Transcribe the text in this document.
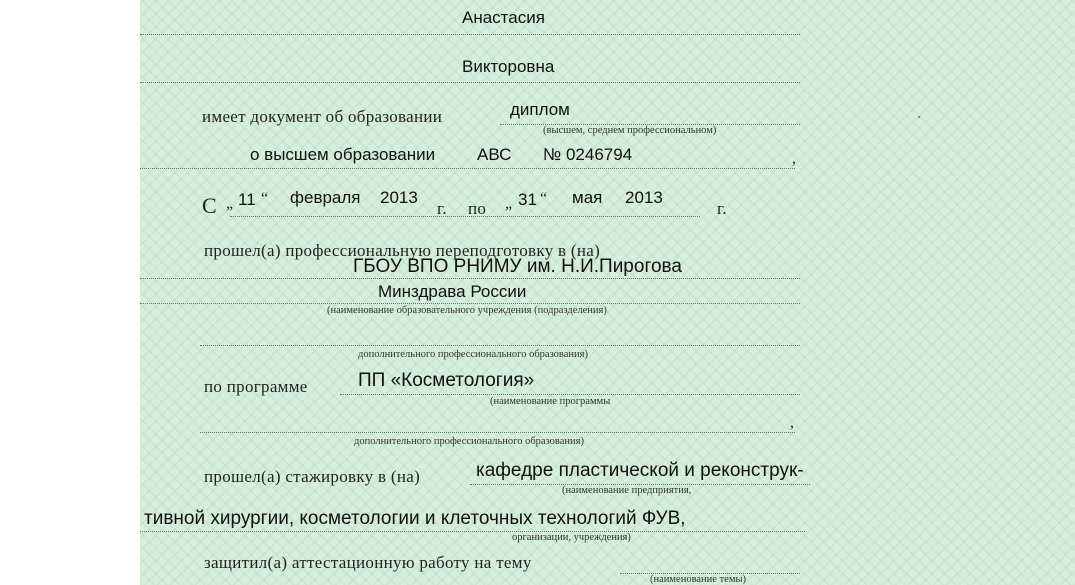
Анастасия
Викторовна
имеет документ об образовании	диплом
(высшем, среднем профессиональном)
о высшем образовании АВС № 0246794	,
С „ 11 “ февраля 2013
г. по „ 31 “ мая 2013
г.
прошел(а) профессиональную переподготовку в (на)
ГБОУ ВПО РНИМУ им. Н.И.Пирогова
Минздрава России
(наименование образовательного учреждения (подразделения)
дополнительного профессионального образования)
по программе	ПП «Косметология»
(наименование программы
,
дополнительного профессионального образования)
прошел(а) стажировку в (на)	кафедре пластической и реконструк-
(наименование предприятия,
тивной хирургии, косметологии и клеточных технологий ФУВ,
организации, учреждения)
защитил(а) аттестационную работу на тему
(наименование темы)
